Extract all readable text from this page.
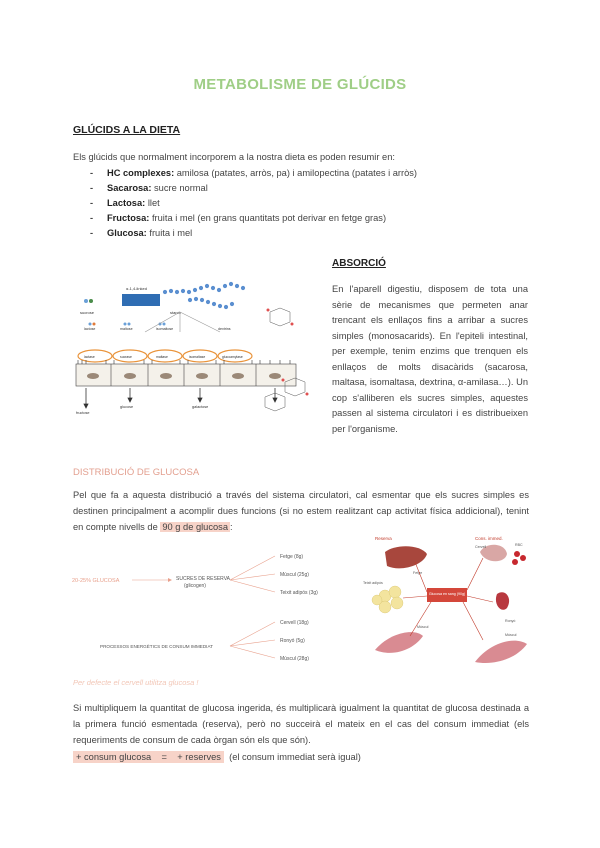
METABOLISME DE GLÚCIDS
GLÚCIDS A LA DIETA
Els glúcids que normalment incorporem a la nostra dieta es poden resumir en:
- HC complexes: amilosa (patates, arròs, pa) i amilopectina (patates i arròs)
- Sacarosa: sucre normal
- Lactosa: llet
- Fructosa: fruita i mel (en grans quantitats pot derivar en fetge gras)
- Glucosa: fruita i mel
α-1,4-linked
starch
sucrose
lactose	maltose	isomaltose	dextrins
lactase	sucrase	maltase	isomaltase	glucoamylase
fructose
glucose	galactose
ABSORCIÓ
En l'aparell digestiu, disposem de tota una sèrie de mecanismes que permeten anar trencant els enllaços fins a arribar a sucres simples (monosacarids). En l'epiteli intestinal, per exemple, tenim enzims que trenquen els enllaços de molts disacàrids (sacarosa, maltasa, isomaltasa, dextrina, α-amilasa…). Un cop s'alliberen els sucres simples, aquestes passen al sistema circulatori i es distribueixen per l'organisme.
DISTRIBUCIÓ DE GLUCOSA
Pel que fa a aquesta distribució a través del sistema circulatori, cal esmentar que els sucres simples es destinen principalment a acomplir dues funcions (si no estem realitzant cap activitat física addicional), tenint en compte nivells de 90 g de glucosa :
20-25% GLUCOSA	SUCRES DE RESERVA
(glicogen)
Fetge (8g)
Múscul (25g)
Teixit adipós (3g)
PROCESSOS ENERGÈTICS DE CONSUM IMMEDIAT
Cervell (18g)
Ronyó (5g)
Múscul (28g)
Reserva	Cons. immed.
Fetge
Teixit adipós
Múscul
Glucosa en sang (90g)
Cervell	RBC
Ronyó
Múscul
Per defecte el cervell utilitza glucosa !
Si multipliquem la quantitat de glucosa ingerida, és multiplicarà igualment la quantitat de glucosa destinada a la primera funció esmentada (reserva), però no succeirà el mateix en el cas del consum immediat (els requeriments de consum de cada òrgan són els que són).
+ consum glucosa    =    + reserves  (el consum immediat serà igual)
